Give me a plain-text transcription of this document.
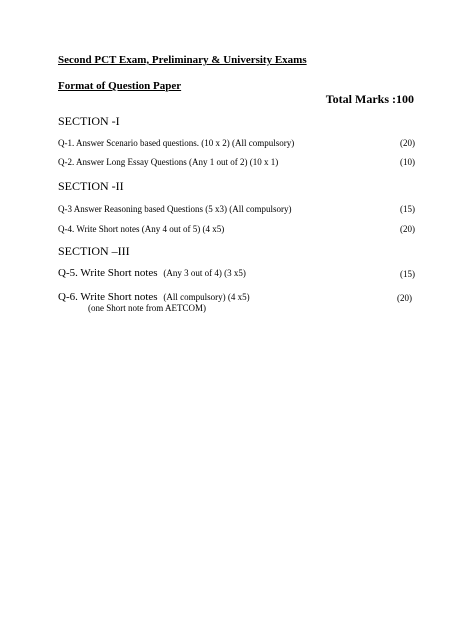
Second PCT Exam, Preliminary & University Exams
Format of Question Paper
Total Marks :100
SECTION -I
Q-1. Answer Scenario based questions. (10 x 2) (All compulsory)	(20)
Q-2. Answer Long Essay Questions (Any 1 out of 2) (10 x 1)	(10)
SECTION -II
Q-3 Answer Reasoning based Questions (5 x3) (All compulsory)	(15)
Q-4. Write Short notes (Any 4 out of 5) (4 x5)	(20)
SECTION –III
Q-5. Write Short notes (Any 3 out of 4) (3 x5)	(15)
Q-6. Write Short notes (All compulsory) (4 x5)	(20)
(one Short note from AETCOM)
